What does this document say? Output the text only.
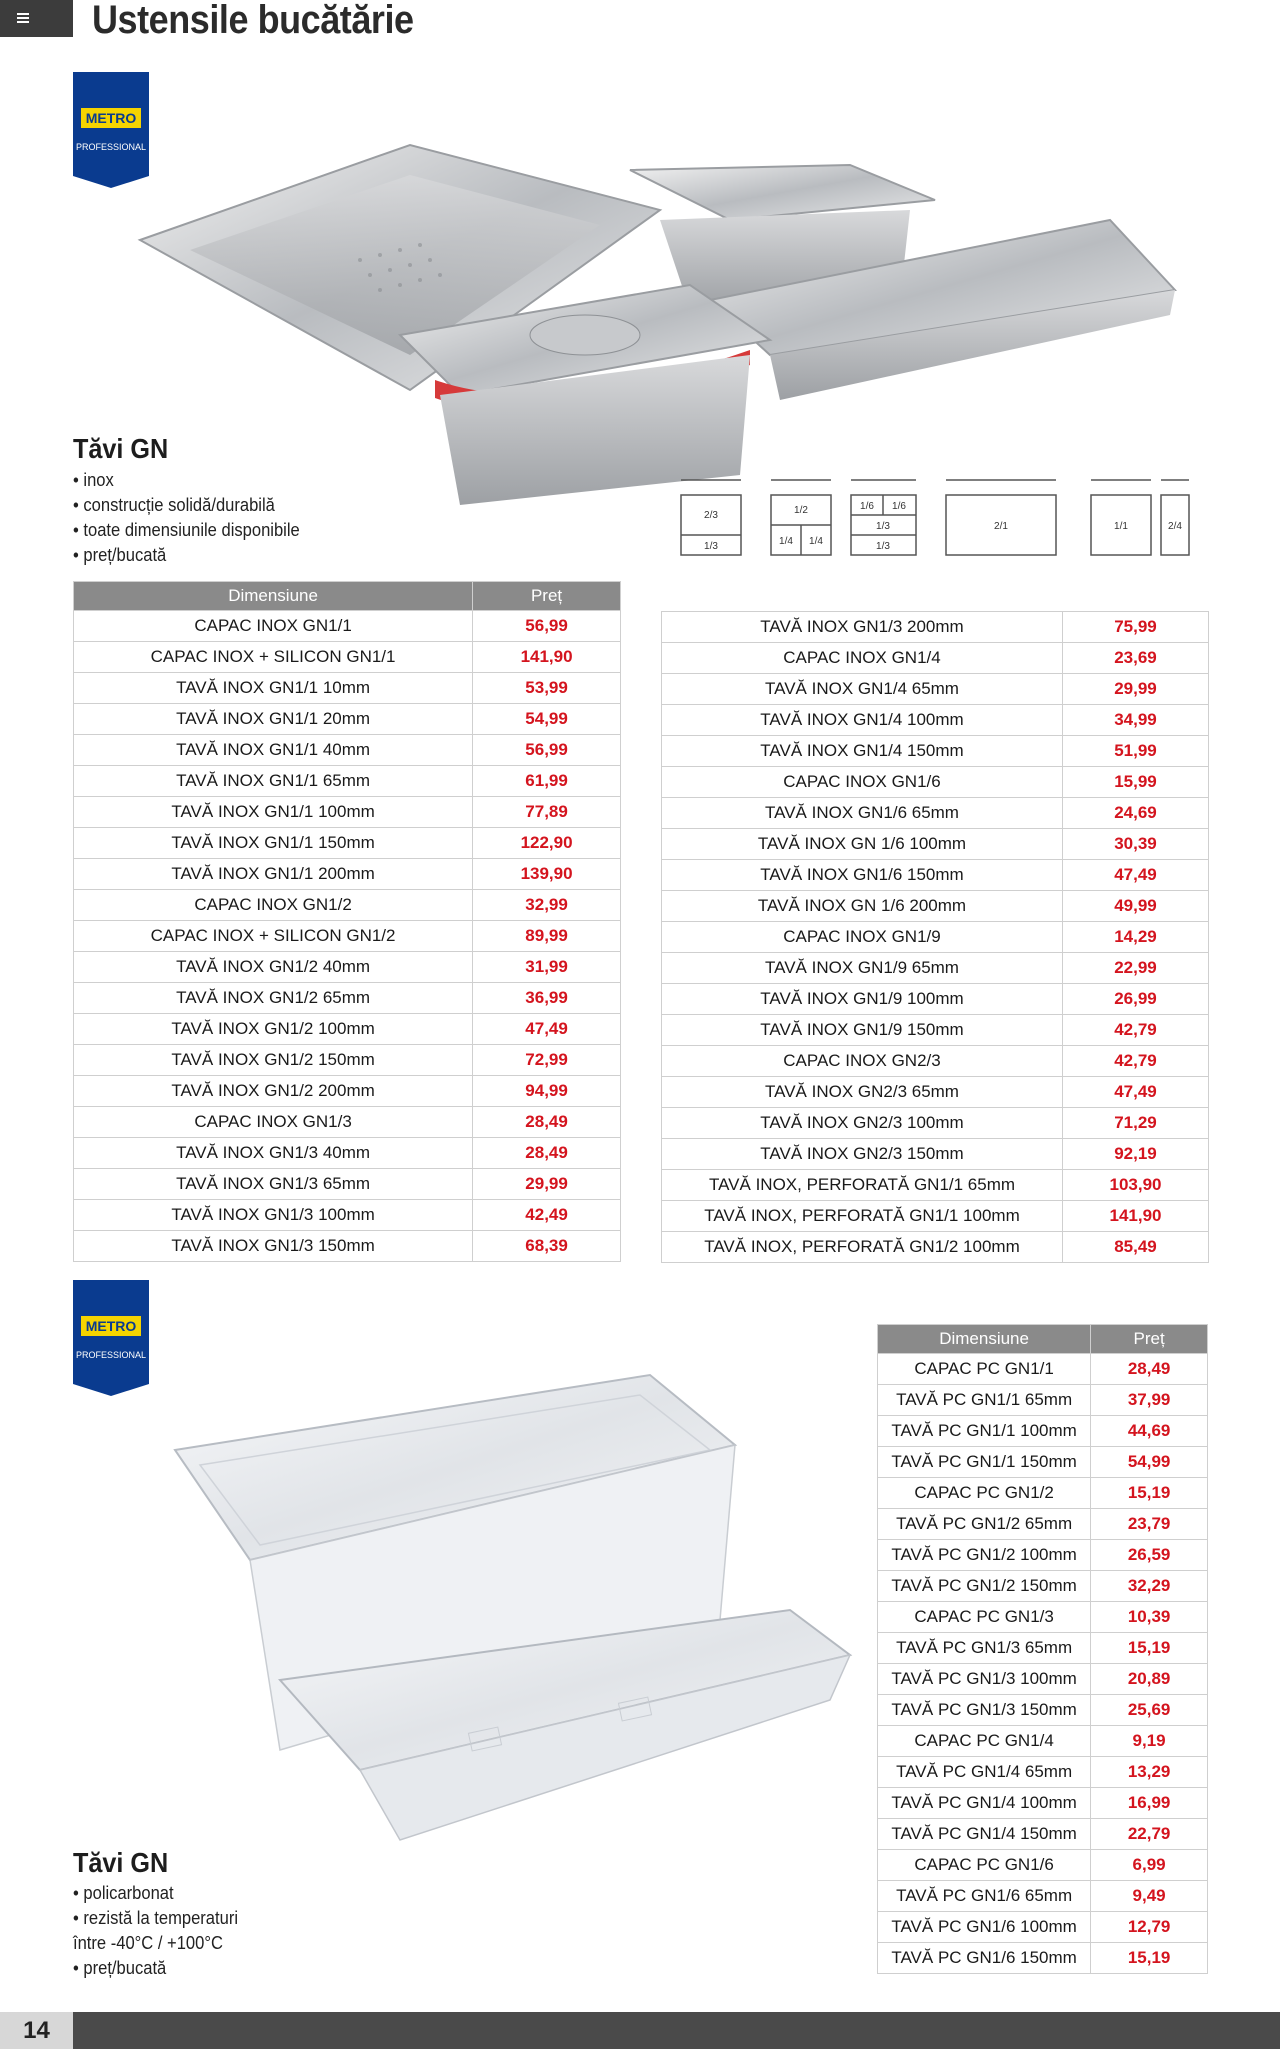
Ustensile bucătărie
METRO
PROFESSIONAL
Tăvi GN
• inox
• construcție solidă/durabilă
• toate dimensiunile disponibile
• preț/bucată
2/3
1/3
1/2
1/4 1/4
1/6 1/6
1/3
1/3
2/1	1/1	2/4
Dimensiune	Preț
CAPAC INOX GN1/1	56,99
CAPAC INOX + SILICON GN1/1	141,90
TAVĂ INOX GN1/1 10mm	53,99
TAVĂ INOX GN1/1 20mm	54,99
TAVĂ INOX GN1/1 40mm	56,99
TAVĂ INOX GN1/1 65mm	61,99
TAVĂ INOX GN1/1 100mm	77,89
TAVĂ INOX GN1/1 150mm	122,90
TAVĂ INOX GN1/1 200mm	139,90
CAPAC INOX GN1/2	32,99
CAPAC INOX + SILICON GN1/2	89,99
TAVĂ INOX GN1/2 40mm	31,99
TAVĂ INOX GN1/2 65mm	36,99
TAVĂ INOX GN1/2 100mm	47,49
TAVĂ INOX GN1/2 150mm	72,99
TAVĂ INOX GN1/2 200mm	94,99
CAPAC INOX GN1/3	28,49
TAVĂ INOX GN1/3 40mm	28,49
TAVĂ INOX GN1/3 65mm	29,99
TAVĂ INOX GN1/3 100mm	42,49
TAVĂ INOX GN1/3 150mm	68,39
TAVĂ INOX GN1/3 200mm	75,99
CAPAC INOX GN1/4	23,69
TAVĂ INOX GN1/4 65mm	29,99
TAVĂ INOX GN1/4 100mm	34,99
TAVĂ INOX GN1/4 150mm	51,99
CAPAC INOX GN1/6	15,99
TAVĂ INOX GN1/6 65mm	24,69
TAVĂ INOX GN 1/6 100mm	30,39
TAVĂ INOX GN1/6 150mm	47,49
TAVĂ INOX GN 1/6 200mm	49,99
CAPAC INOX GN1/9	14,29
TAVĂ INOX GN1/9 65mm	22,99
TAVĂ INOX GN1/9 100mm	26,99
TAVĂ INOX GN1/9 150mm	42,79
CAPAC INOX GN2/3	42,79
TAVĂ INOX GN2/3 65mm	47,49
TAVĂ INOX GN2/3 100mm	71,29
TAVĂ INOX GN2/3 150mm	92,19
TAVĂ INOX, PERFORATĂ GN1/1 65mm	103,90
TAVĂ INOX, PERFORATĂ GN1/1 100mm	141,90
TAVĂ INOX, PERFORATĂ GN1/2 100mm	85,49
METRO
PROFESSIONAL
Tăvi GN
• policarbonat
• rezistă la temperaturi
între -40°C / +100°C
• preț/bucată
Dimensiune	Preț
CAPAC PC GN1/1	28,49
TAVĂ PC GN1/1 65mm	37,99
TAVĂ PC GN1/1 100mm	44,69
TAVĂ PC GN1/1 150mm	54,99
CAPAC PC GN1/2	15,19
TAVĂ PC GN1/2 65mm	23,79
TAVĂ PC GN1/2 100mm	26,59
TAVĂ PC GN1/2 150mm	32,29
CAPAC PC GN1/3	10,39
TAVĂ PC GN1/3 65mm	15,19
TAVĂ PC GN1/3 100mm	20,89
TAVĂ PC GN1/3 150mm	25,69
CAPAC PC GN1/4	9,19
TAVĂ PC GN1/4 65mm	13,29
TAVĂ PC GN1/4 100mm	16,99
TAVĂ PC GN1/4 150mm	22,79
CAPAC PC GN1/6	6,99
TAVĂ PC GN1/6 65mm	9,49
TAVĂ PC GN1/6 100mm	12,79
TAVĂ PC GN1/6 150mm	15,19
14
